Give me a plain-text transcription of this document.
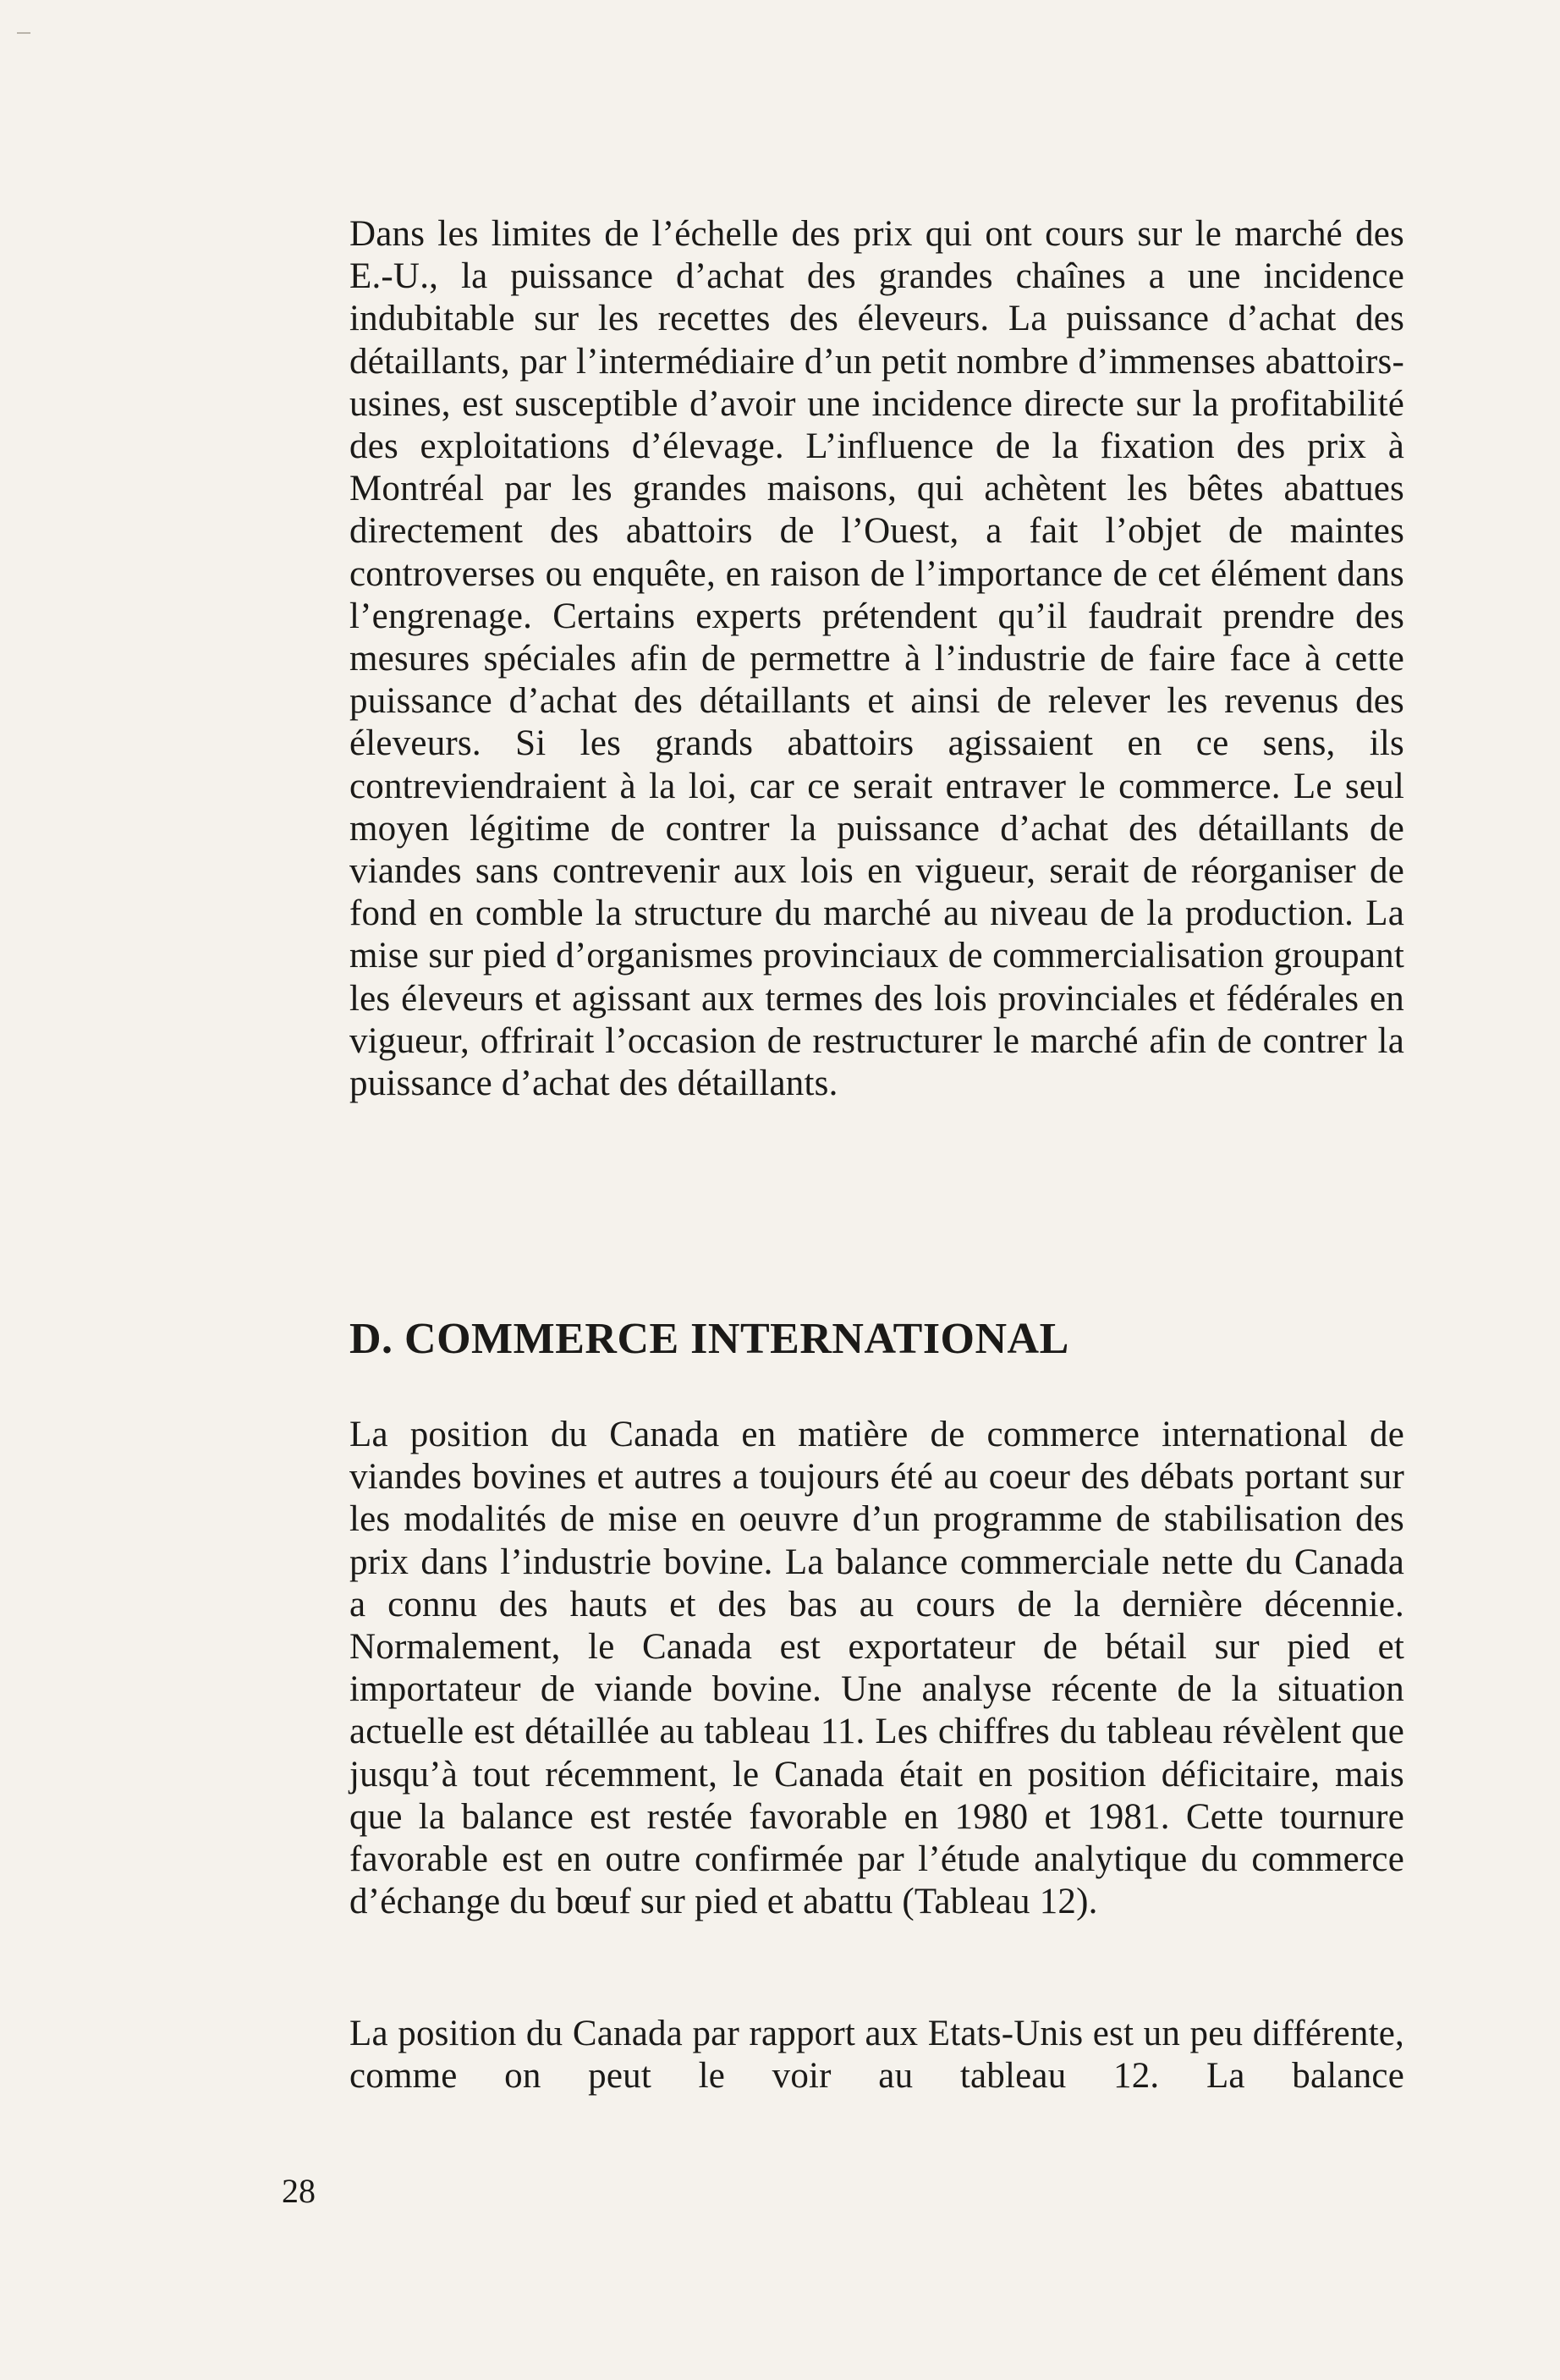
Dans les limites de l’échelle des prix qui ont cours sur le marché des E.-U., la puissance d’achat des grandes chaînes a une incidence indubitable sur les recettes des éleveurs. La puissance d’achat des détaillants, par l’intermédiaire d’un petit nombre d’immenses abattoirs-usines, est susceptible d’avoir une incidence directe sur la profitabilité des exploitations d’élevage. L’influence de la fixation des prix à Montréal par les grandes maisons, qui achètent les bêtes abattues directement des abattoirs de l’Ouest, a fait l’objet de maintes controverses ou enquête, en raison de l’importance de cet élément dans l’engrenage. Certains experts prétendent qu’il faudrait prendre des mesures spéciales afin de permettre à l’industrie de faire face à cette puissance d’achat des détaillants et ainsi de relever les revenus des éleveurs. Si les grands abattoirs agissaient en ce sens, ils contreviendraient à la loi, car ce serait entraver le commerce. Le seul moyen légitime de contrer la puissance d’achat des détaillants de viandes sans contrevenir aux lois en vigueur, serait de réorganiser de fond en comble la structure du marché au niveau de la production. La mise sur pied d’organismes provinciaux de commercialisation groupant les éleveurs et agissant aux termes des lois provinciales et fédérales en vigueur, offrirait l’occasion de restructurer le marché afin de contrer la puissance d’achat des détaillants.

D. COMMERCE INTERNATIONAL

La position du Canada en matière de commerce international de viandes bovines et autres a toujours été au coeur des débats portant sur les modalités de mise en oeuvre d’un programme de stabilisation des prix dans l’industrie bovine. La balance commerciale nette du Canada a connu des hauts et des bas au cours de la dernière décennie. Normalement, le Canada est exportateur de bétail sur pied et importateur de viande bovine. Une analyse récente de la situation actuelle est détaillée au tableau 11. Les chiffres du tableau révèlent que jusqu’à tout récemment, le Canada était en position déficitaire, mais que la balance est restée favorable en 1980 et 1981. Cette tournure favorable est en outre confirmée par l’étude analytique du commerce d’échange du bœuf sur pied et abattu (Tableau 12).

La position du Canada par rapport aux Etats-Unis est un peu différente, comme on peut le voir au tableau 12. La balance

28
